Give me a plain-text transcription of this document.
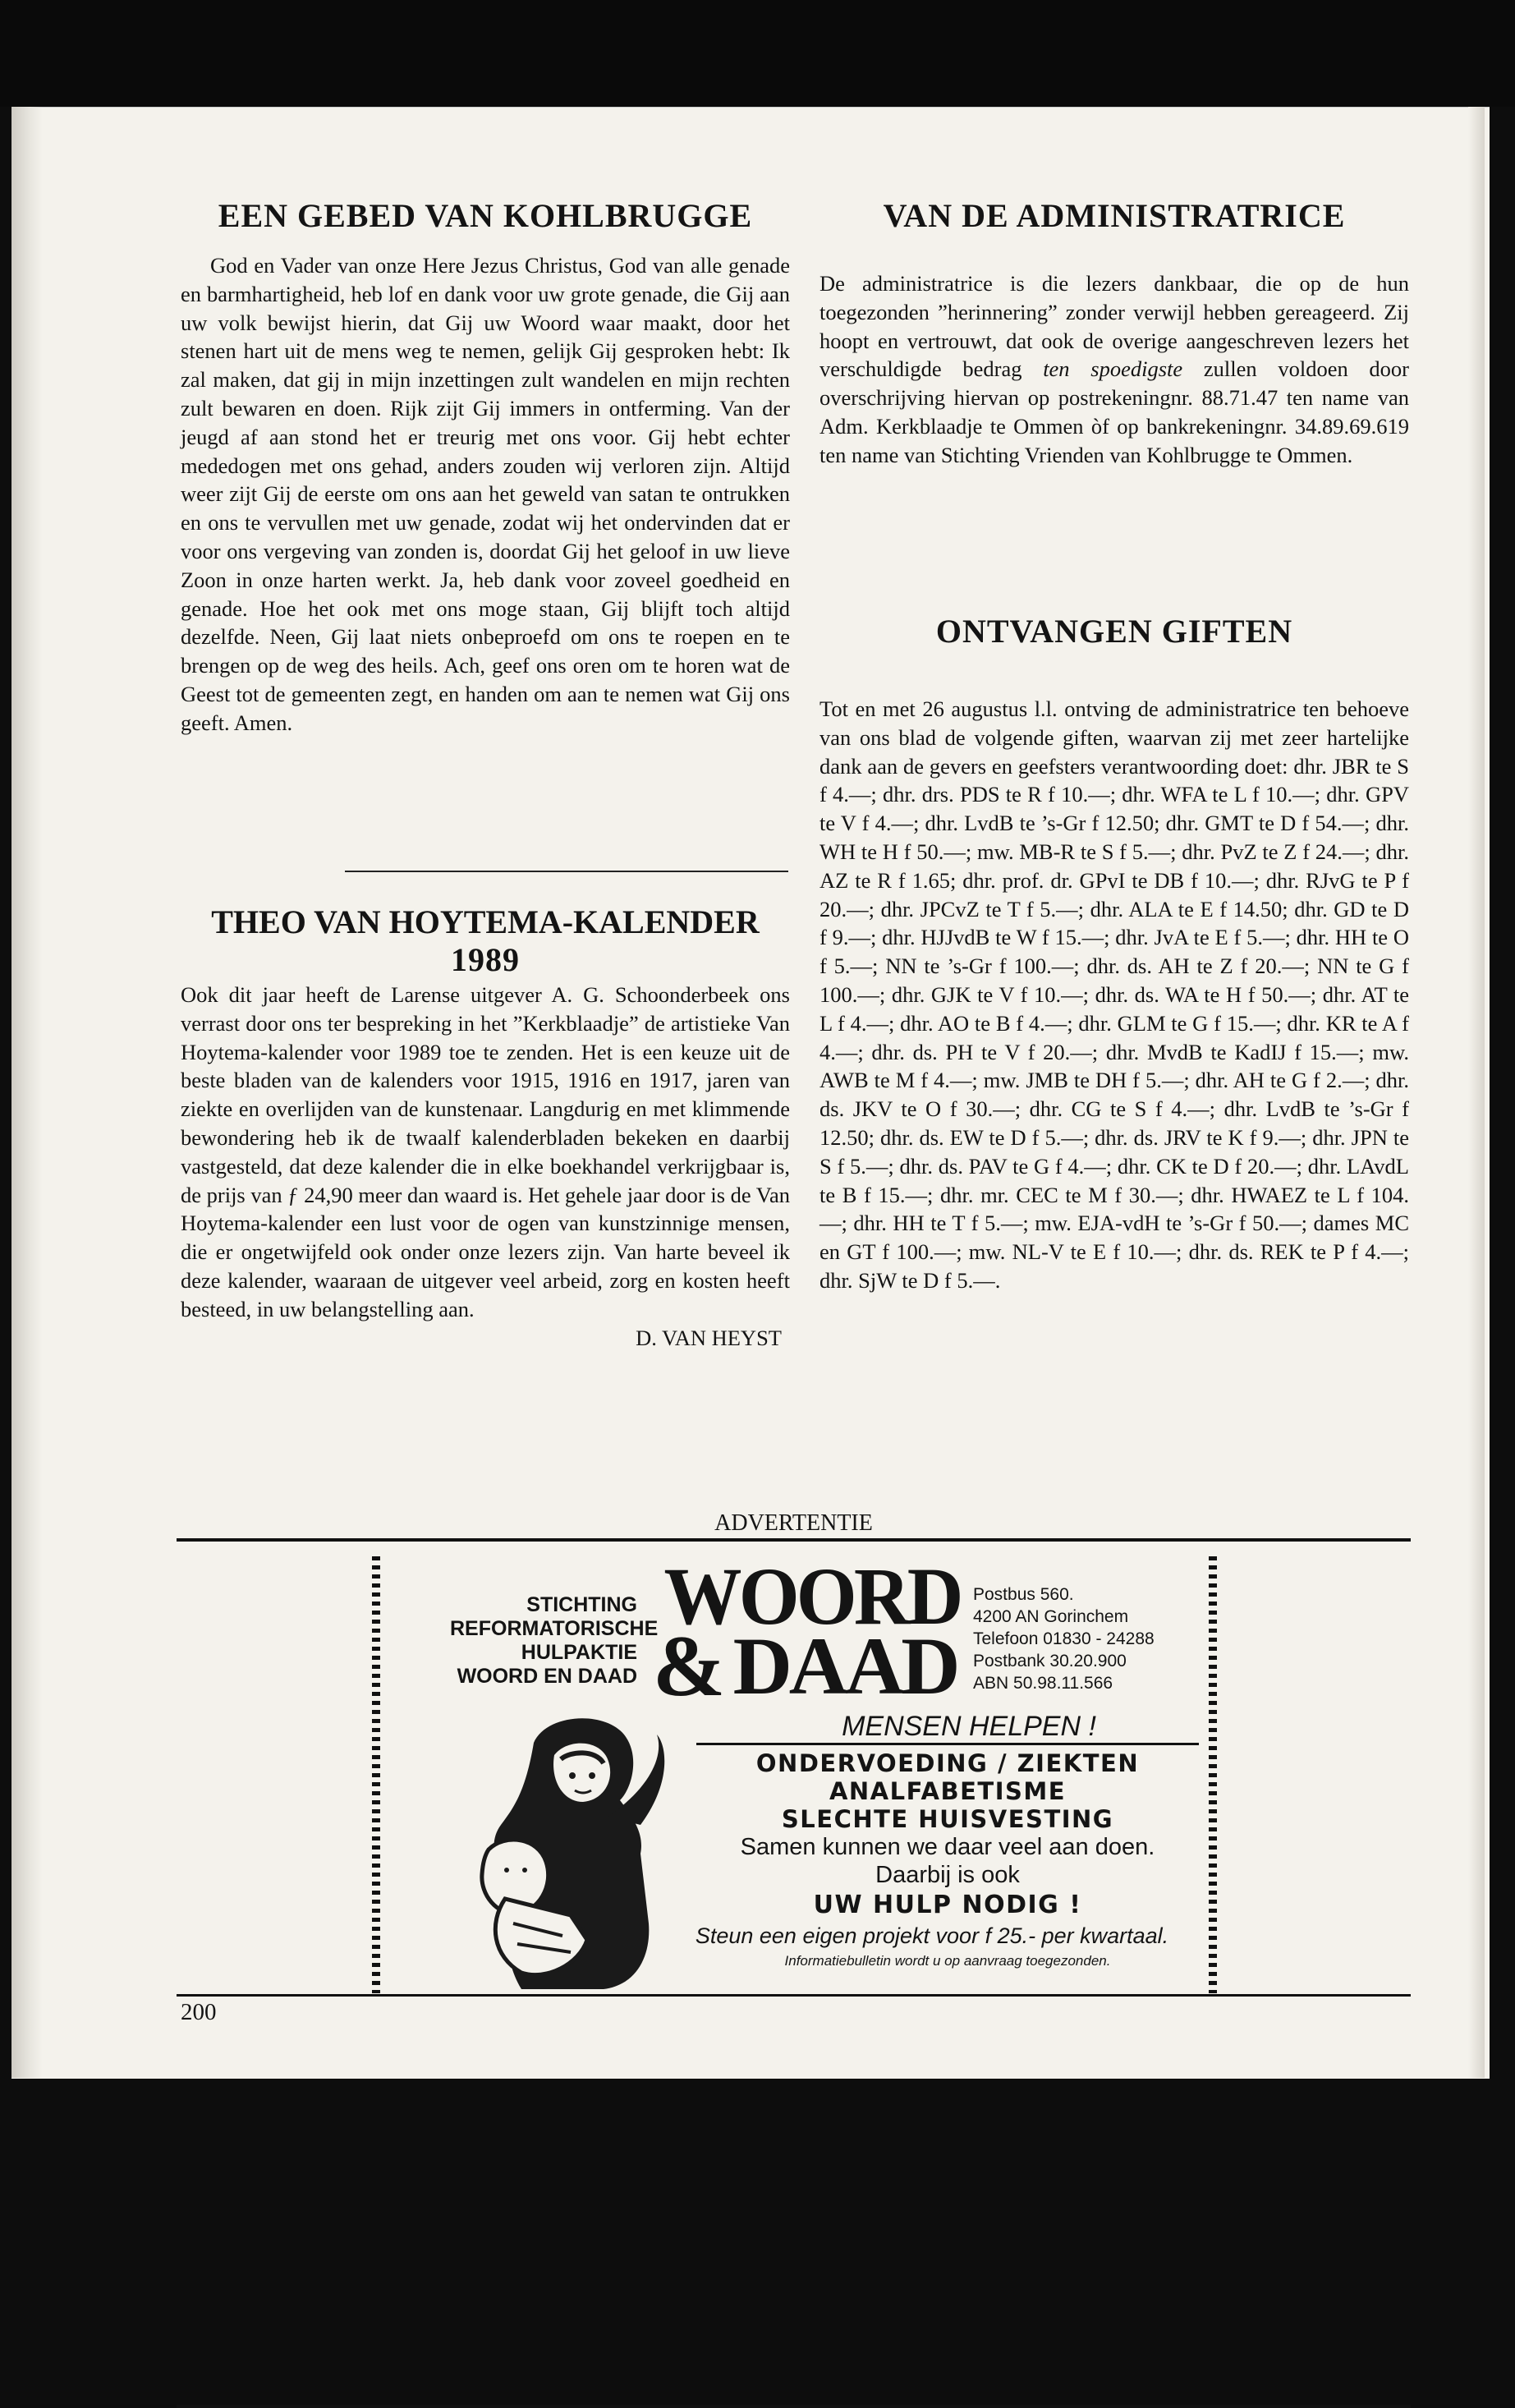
EEN GEBED VAN KOHLBRUGGE

God en Vader van onze Here Jezus Christus, God van alle genade en barmhartigheid, heb lof en dank voor uw grote genade, die Gij aan uw volk bewijst hierin, dat Gij uw Woord waar maakt, door het stenen hart uit de mens weg te nemen, gelijk Gij gesproken hebt: Ik zal maken, dat gij in mijn inzettingen zult wandelen en mijn rechten zult bewaren en doen. Rijk zijt Gij immers in ontferming. Van der jeugd af aan stond het er treurig met ons voor. Gij hebt echter mededogen met ons gehad, anders zouden wij verloren zijn. Altijd weer zijt Gij de eerste om ons aan het geweld van satan te ontrukken en ons te vervullen met uw genade, zodat wij het ondervinden dat er voor ons vergeving van zonden is, doordat Gij het geloof in uw lieve Zoon in onze harten werkt. Ja, heb dank voor zoveel goedheid en genade. Hoe het ook met ons moge staan, Gij blijft toch altijd dezelfde. Neen, Gij laat niets onbeproefd om ons te roepen en te brengen op de weg des heils. Ach, geef ons oren om te horen wat de Geest tot de gemeenten zegt, en handen om aan te nemen wat Gij ons geeft. Amen.

THEO VAN HOYTEMA-KALENDER
1989

Ook dit jaar heeft de Larense uitgever A. G. Schoonderbeek ons verrast door ons ter bespreking in het ”Kerkblaadje” de artistieke Van Hoytema-kalender voor 1989 toe te zenden. Het is een keuze uit de beste bladen van de kalenders voor 1915, 1916 en 1917, jaren van ziekte en overlijden van de kunstenaar. Langdurig en met klimmende bewondering heb ik de twaalf kalenderbladen bekeken en daarbij vastgesteld, dat deze kalender die in elke boekhandel verkrijgbaar is, de prijs van ƒ 24,90 meer dan waard is. Het gehele jaar door is de Van Hoytema-kalender een lust voor de ogen van kunstzinnige mensen, die er ongetwijfeld ook onder onze lezers zijn. Van harte beveel ik deze kalender, waaraan de uitgever veel arbeid, zorg en kosten heeft besteed, in uw belangstelling aan.

D. VAN HEYST
VAN DE ADMINISTRATRICE

De administratrice is die lezers dankbaar, die op de hun toegezonden ”herinnering” zonder verwijl hebben gereageerd. Zij hoopt en vertrouwt, dat ook de overige aangeschreven lezers het verschuldigde bedrag ten spoedigste zullen voldoen door overschrijving hiervan op postrekeningnr. 88.71.47 ten name van Adm. Kerkblaadje te Ommen òf op bankrekeningnr. 34.89.69.619 ten name van Stichting Vrienden van Kohlbrugge te Ommen.

ONTVANGEN GIFTEN

Tot en met 26 augustus l.l. ontving de administratrice ten behoeve van ons blad de volgende giften, waarvan zij met zeer hartelijke dank aan de gevers en geefsters verantwoording doet: dhr. JBR te S f 4.—; dhr. drs. PDS te R f 10.—; dhr. WFA te L f 10.—; dhr. GPV te V f 4.—; dhr. LvdB te ’s-Gr f 12.50; dhr. GMT te D f 54.—; dhr. WH te H f 50.—; mw. MB-R te S f 5.—; dhr. PvZ te Z f 24.—; dhr. AZ te R f 1.65; dhr. prof. dr. GPvI te DB f 10.—; dhr. RJvG te P f 20.—; dhr. JPCvZ te T f 5.—; dhr. ALA te E f 14.50; dhr. GD te D f 9.—; dhr. HJJvdB te W f 15.—; dhr. JvA te E f 5.—; dhr. HH te O f 5.—; NN te ’s-Gr f 100.—; dhr. ds. AH te Z f 20.—; NN te G f 100.—; dhr. GJK te V f 10.—; dhr. ds. WA te H f 50.—; dhr. AT te L f 4.—; dhr. AO te B f 4.—; dhr. GLM te G f 15.—; dhr. KR te A f 4.—; dhr. ds. PH te V f 20.—; dhr. MvdB te KadIJ f 15.—; mw. AWB te M f 4.—; mw. JMB te DH f 5.—; dhr. AH te G f 2.—; dhr. ds. JKV te O f 30.—; dhr. CG te S f 4.—; dhr. LvdB te ’s-Gr f 12.50; dhr. ds. EW te D f 5.—; dhr. ds. JRV te K f 9.—; dhr. JPN te S f 5.—; dhr. ds. PAV te G f 4.—; dhr. CK te D f 20.—; dhr. LAvdL te B f 15.—; dhr. mr. CEC te M f 30.—; dhr. HWAEZ te L f 104.—; dhr. HH te T f 5.—; mw. EJA-vdH te ’s-Gr f 50.—; dames MC en GT f 100.—; mw. NL-V te E f 10.—; dhr. ds. REK te P f 4.—; dhr. SjW te D f 5.—.

ADVERTENTIE
STICHTING
REFORMATORISCHE
HULPAKTIE
WOORD EN DAAD
WOORD
& DAAD
Postbus 560.
4200 AN Gorinchem
Telefoon 01830 - 24288
Postbank 30.20.900
ABN 50.98.11.566
MENSEN HELPEN !
ONDERVOEDING / ZIEKTEN
ANALFABETISME
SLECHTE HUISVESTING
Samen kunnen we daar veel aan doen.
Daarbij is ook
UW HULP NODIG !
Steun een eigen projekt voor f 25.- per kwartaal.
Informatiebulletin wordt u op aanvraag toegezonden.
200
